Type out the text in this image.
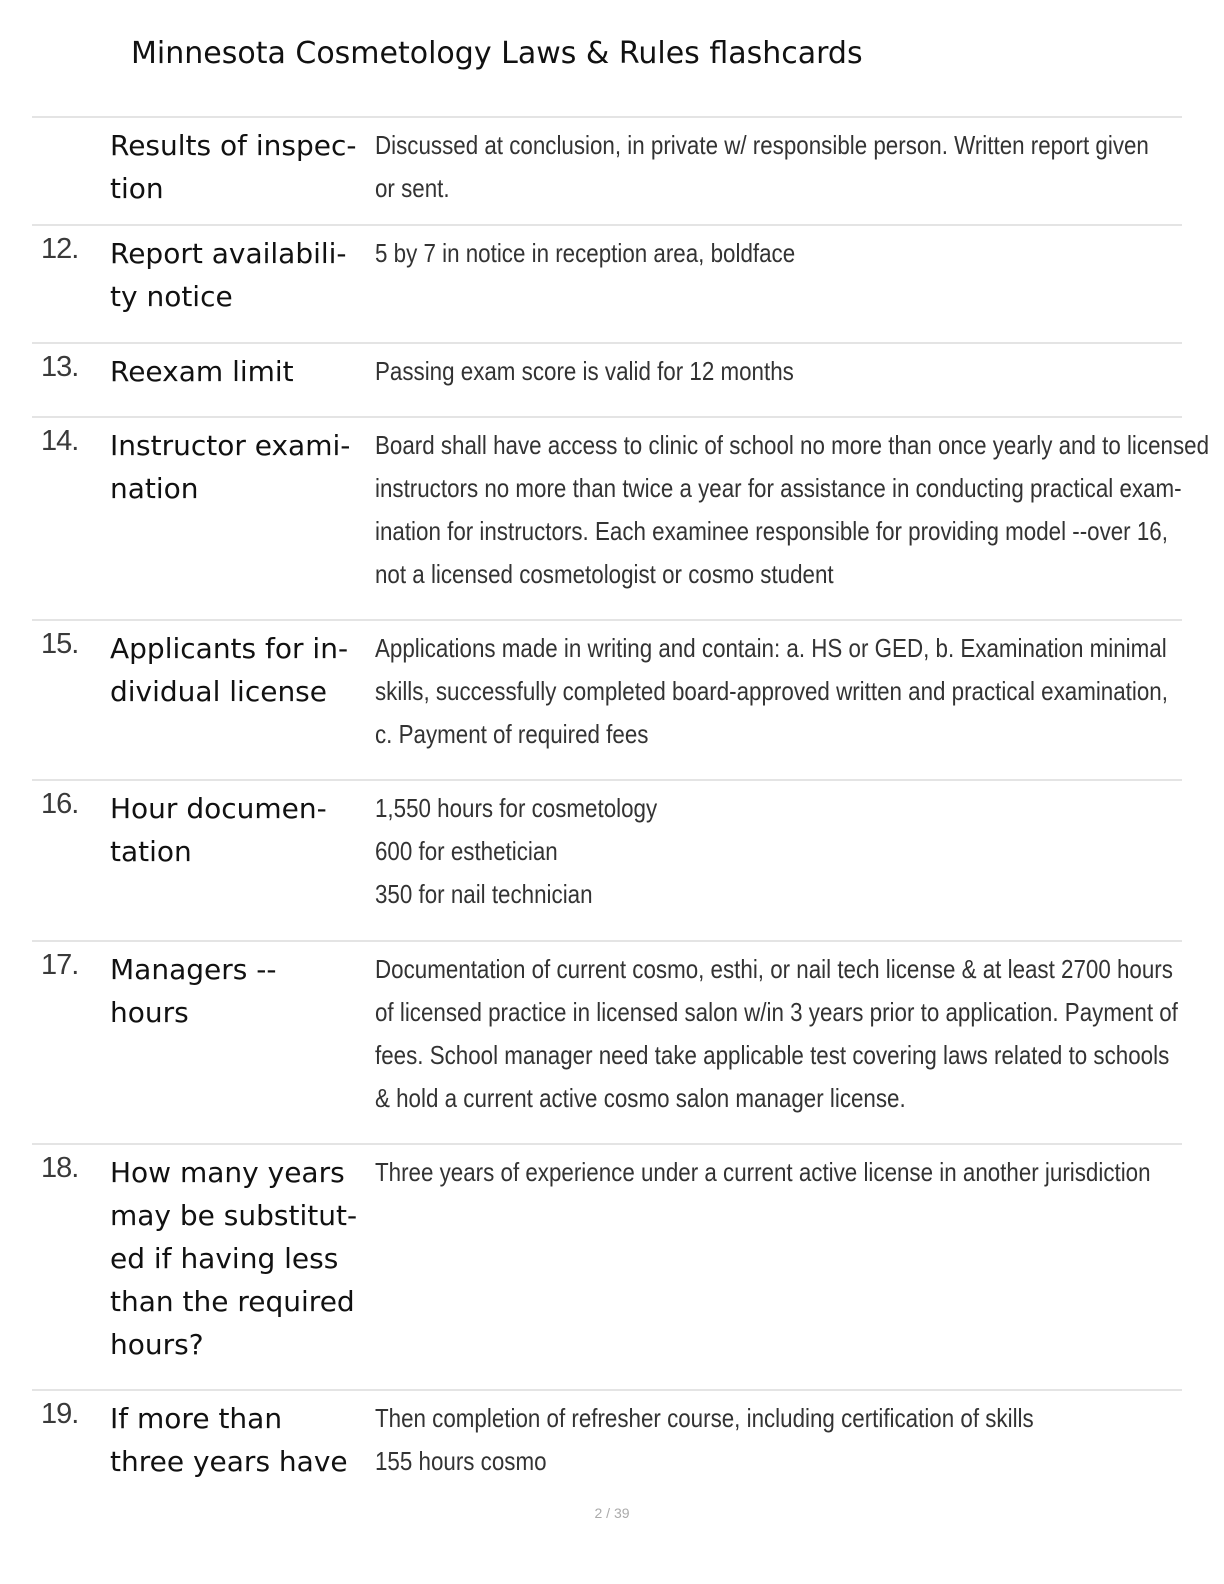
Minnesota Cosmetology Laws & Rules flashcards
Results of inspec-
tion
Discussed at conclusion, in private w/ responsible person. Written report given
or sent.
12. Report availabili-
ty notice
5 by 7 in notice in reception area, boldface
13. Reexam limit	Passing exam score is valid for 12 months
14. Instructor exami-
nation
Board shall have access to clinic of school no more than once yearly and to licensed
instructors no more than twice a year for assistance in conducting practical exam-
ination for instructors. Each examinee responsible for providing model --over 16,
not a licensed cosmetologist or cosmo student
15. Applicants for in-
dividual license
Applications made in writing and contain: a. HS or GED, b. Examination minimal
skills, successfully completed board-approved written and practical examination,
c. Payment of required fees
16. Hour documen-
tation
1,550 hours for cosmetology
600 for esthetician
350 for nail technician
17. Managers --
hours
Documentation of current cosmo, esthi, or nail tech license & at least 2700 hours
of licensed practice in licensed salon w/in 3 years prior to application. Payment of
fees. School manager need take applicable test covering laws related to schools
& hold a current active cosmo salon manager license.
18. How many years
may be substitut-
ed if having less
than the required
hours?
Three years of experience under a current active license in another jurisdiction
19. If more than
three years have
Then completion of refresher course, including certification of skills
155 hours cosmo
2 / 39
